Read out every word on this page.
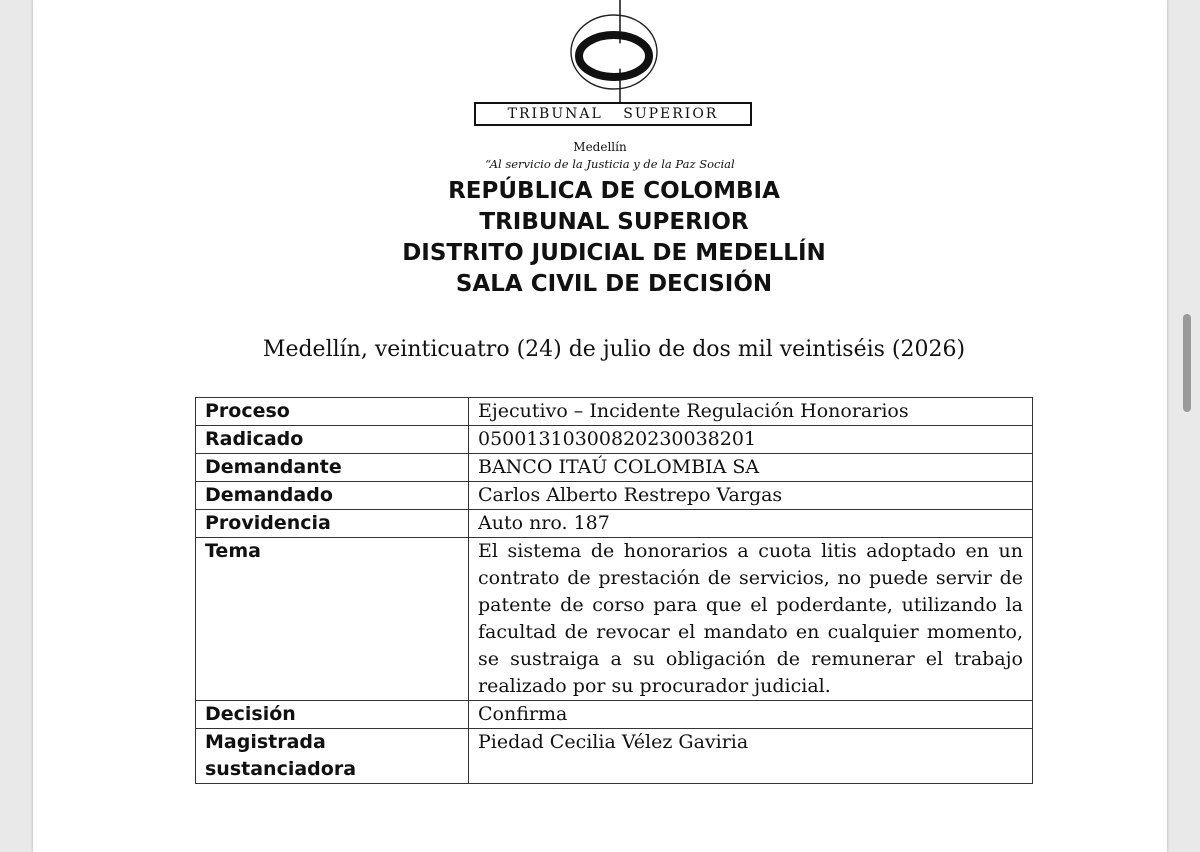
TRIBUNAL SUPERIOR
Medellín
“Al servicio de la Justicia y de la Paz Social
REPÚBLICA DE COLOMBIA
TRIBUNAL SUPERIOR
DISTRITO JUDICIAL DE MEDELLÍN
SALA CIVIL DE DECISIÓN
Medellín, veinticuatro (24) de julio de dos mil veintiséis (2026)
Proceso	Ejecutivo – Incidente Regulación Honorarios
Radicado	05001310300820230038201
Demandante	BANCO ITAÚ COLOMBIA SA
Demandado	Carlos Alberto Restrepo Vargas
Providencia	Auto nro. 187
Tema	El sistema de honorarios a cuota litis adoptado en un contrato de prestación de servicios, no puede servir de patente de corso para que el poderdante, utilizando la facultad de revocar el mandato en cualquier momento, se sustraiga a su obligación de remunerar el trabajo realizado por su procurador judicial.
Decisión	Confirma

Magistrada
sustanciadora	Piedad Cecilia Vélez Gaviria
